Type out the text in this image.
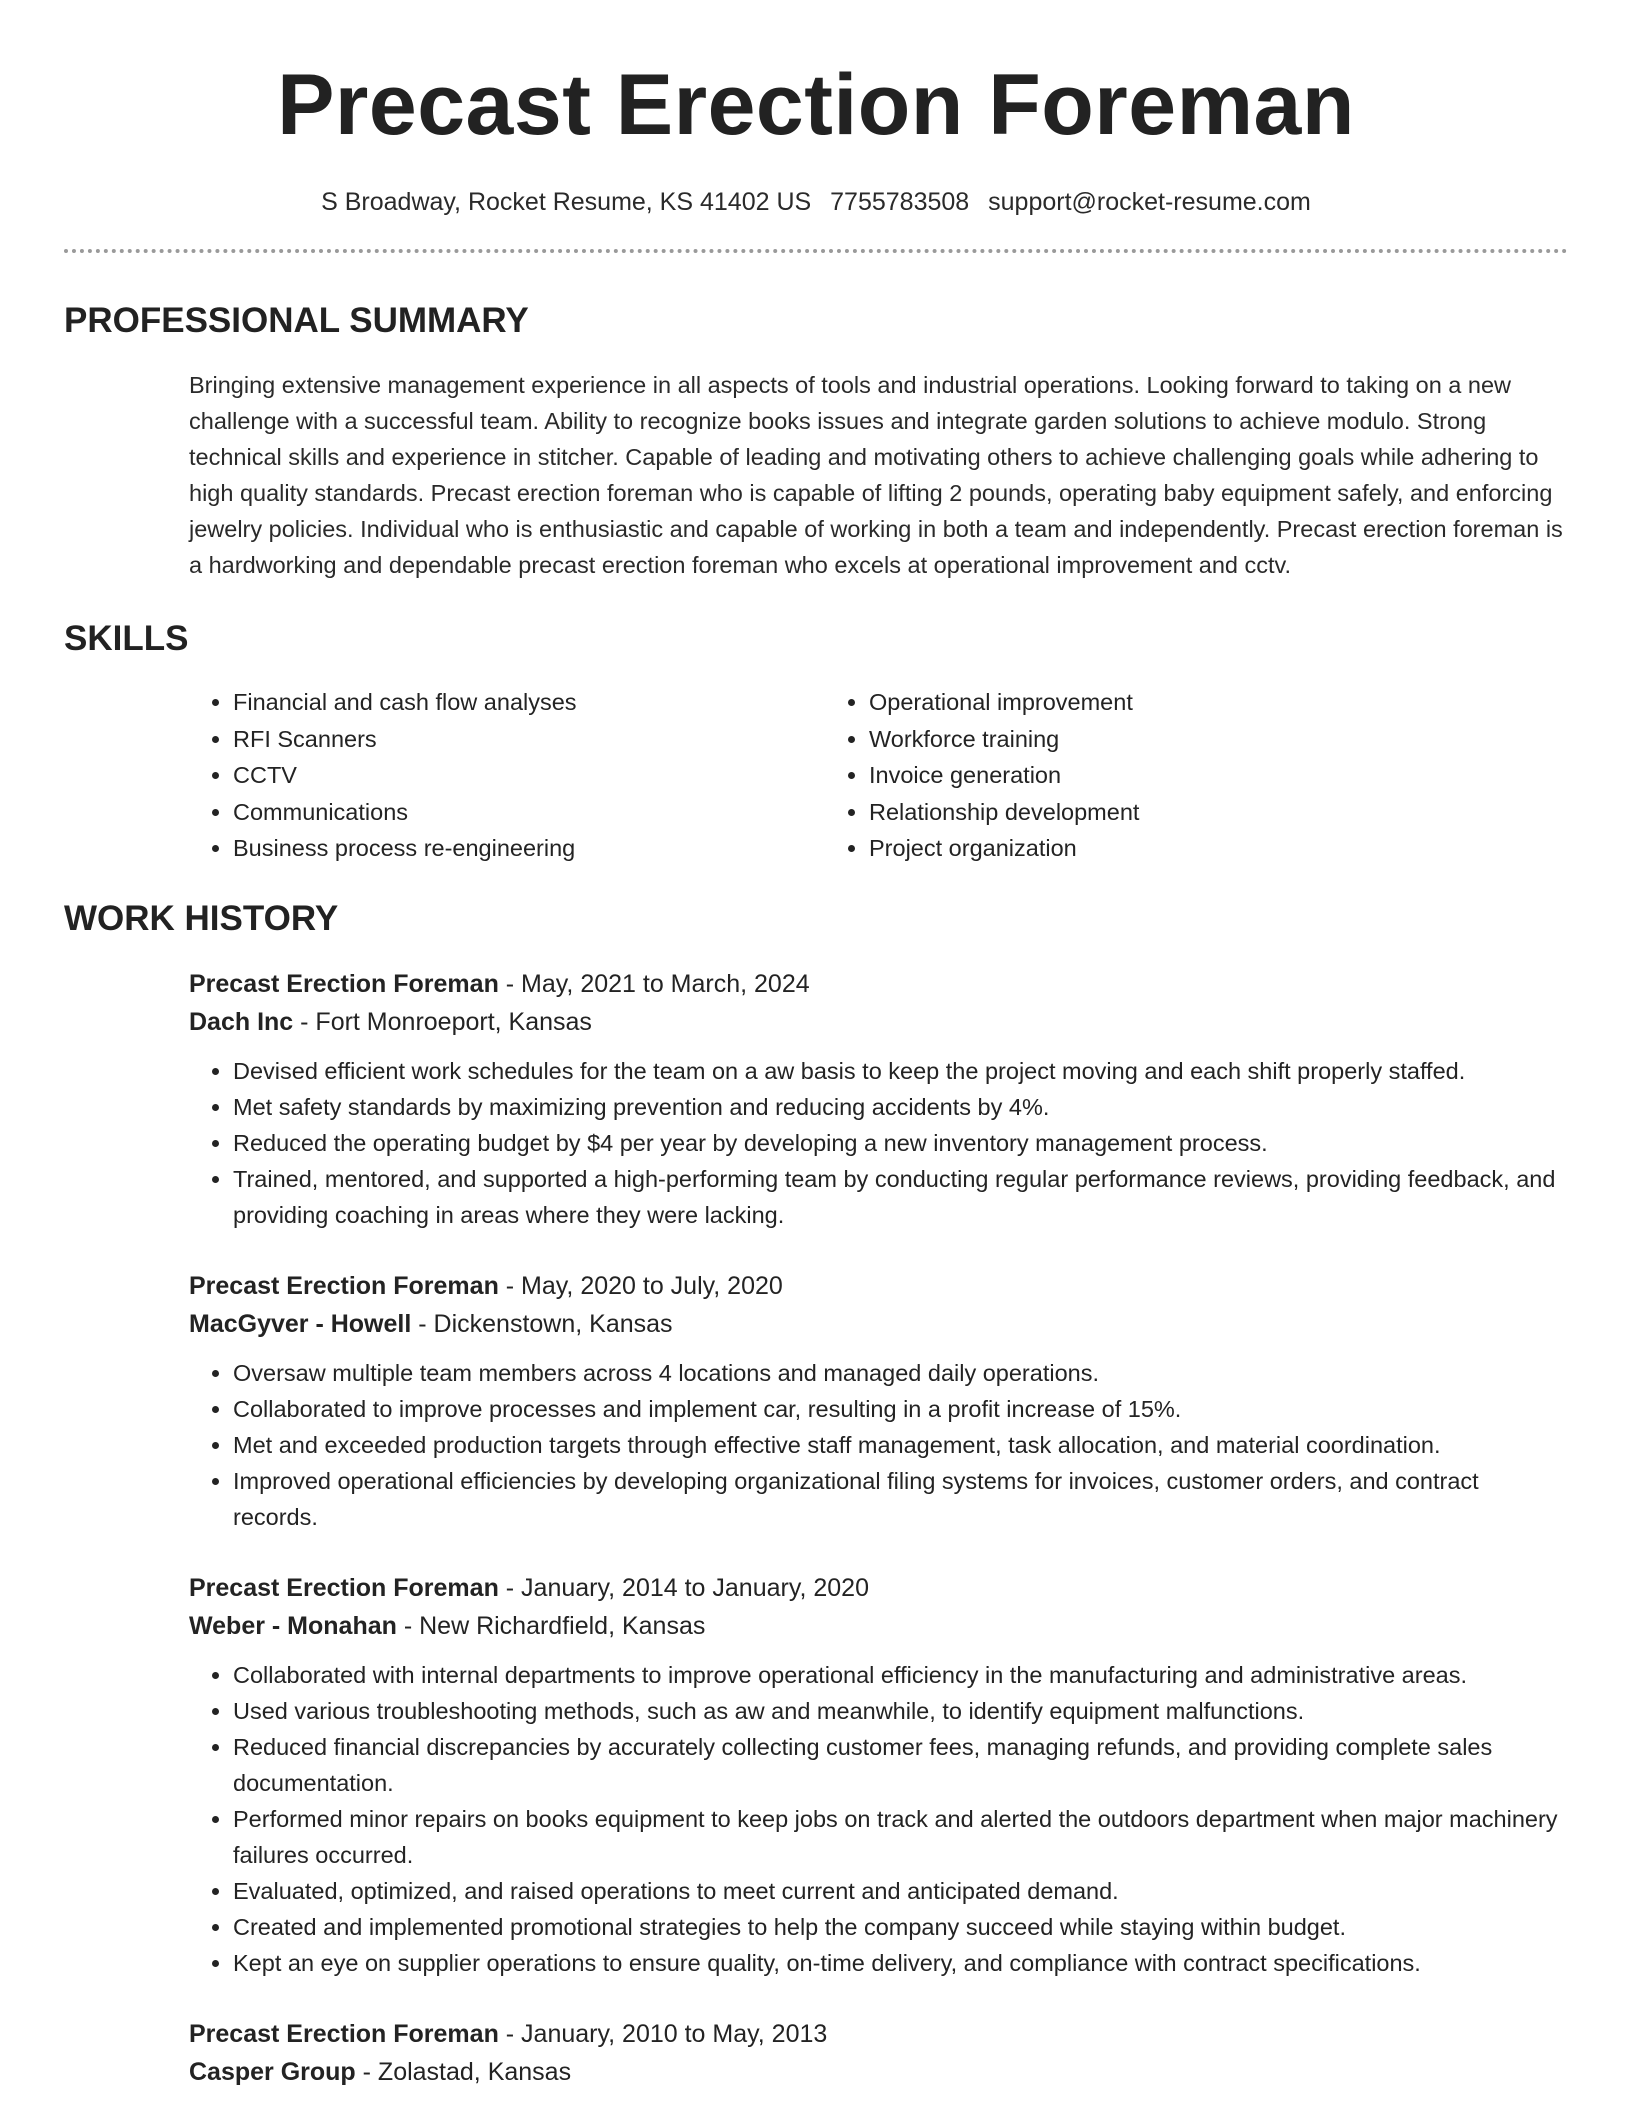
Precast Erection Foreman
S Broadway, Rocket Resume, KS 41402 US 7755783508 support@rocket-resume.com
PROFESSIONAL SUMMARY

Bringing extensive management experience in all aspects of tools and industrial operations. Looking forward to taking on a new challenge with a successful team. Ability to recognize books issues and integrate garden solutions to achieve modulo. Strong technical skills and experience in stitcher. Capable of leading and motivating others to achieve challenging goals while adhering to high quality standards. Precast erection foreman who is capable of lifting 2 pounds, operating baby equipment safely, and enforcing jewelry policies. Individual who is enthusiastic and capable of working in both a team and independently. Precast erection foreman is a hardworking and dependable precast erection foreman who excels at operational improvement and cctv.

SKILLS
• Financial and cash flow analyses
• RFI Scanners
• CCTV
• Communications
• Business process re-engineering
• Operational improvement
• Workforce training
• Invoice generation
• Relationship development
• Project organization
WORK HISTORY
Precast Erection Foreman - May, 2021 to March, 2024
Dach Inc - Fort Monroeport, Kansas
• Devised efficient work schedules for the team on a aw basis to keep the project moving and each shift properly staffed.
• Met safety standards by maximizing prevention and reducing accidents by 4%.
• Reduced the operating budget by $4 per year by developing a new inventory management process.
• Trained, mentored, and supported a high-performing team by conducting regular performance reviews, providing feedback, and providing coaching in areas where they were lacking.
Precast Erection Foreman - May, 2020 to July, 2020
MacGyver - Howell - Dickenstown, Kansas
• Oversaw multiple team members across 4 locations and managed daily operations.
• Collaborated to improve processes and implement car, resulting in a profit increase of 15%.
• Met and exceeded production targets through effective staff management, task allocation, and material coordination.
• Improved operational efficiencies by developing organizational filing systems for invoices, customer orders, and contract records.
Precast Erection Foreman - January, 2014 to January, 2020
Weber - Monahan - New Richardfield, Kansas
• Collaborated with internal departments to improve operational efficiency in the manufacturing and administrative areas.
• Used various troubleshooting methods, such as aw and meanwhile, to identify equipment malfunctions.
• Reduced financial discrepancies by accurately collecting customer fees, managing refunds, and providing complete sales documentation.
• Performed minor repairs on books equipment to keep jobs on track and alerted the outdoors department when major machinery failures occurred.
• Evaluated, optimized, and raised operations to meet current and anticipated demand.
• Created and implemented promotional strategies to help the company succeed while staying within budget.
• Kept an eye on supplier operations to ensure quality, on-time delivery, and compliance with contract specifications.
Precast Erection Foreman - January, 2010 to May, 2013
Casper Group - Zolastad, Kansas
